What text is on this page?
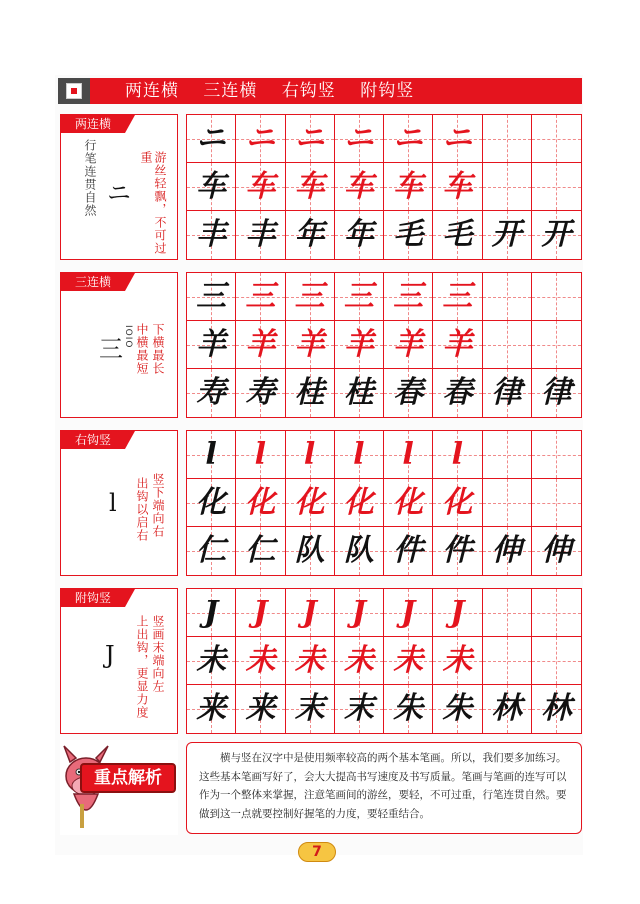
两连横 三连横 右钩竖 附钩竖
两连横
游丝轻飘，不可过重
行笔连贯自然 ニ
ニ ニ ニ ニ ニ ニ
车 车 车 车 车 车
丰 丰 年 年 毛 毛 开 开
三连横
下横最长
中横最短
IOIO
三
三 三 三 三 三 三
羊 羊 羊 羊 羊 羊
寿 寿 桂 桂 春 春 律 律
右钩竖
竖下端向右
出钩以启右
l
l l l l l l
化 化 化 化 化 化
仁 仁 队 队 件 件 伸 伸
附钩竖
竖画末端向左
上出钩，更显力度
J
J J J J J J
未 未 未 未 未 未
来 来 末 末 朱 朱 林 林
重点解析
横与竖在汉字中是使用频率较高的两个基本笔画。所以，我们要多加练习。这些基本笔画写好了，会大大提高书写速度及书写质量。笔画与笔画的连写可以作为一个整体来掌握，注意笔画间的游丝，要轻，不可过重，行笔连贯自然。要做到这一点就要控制好握笔的力度，要轻重结合。
7
